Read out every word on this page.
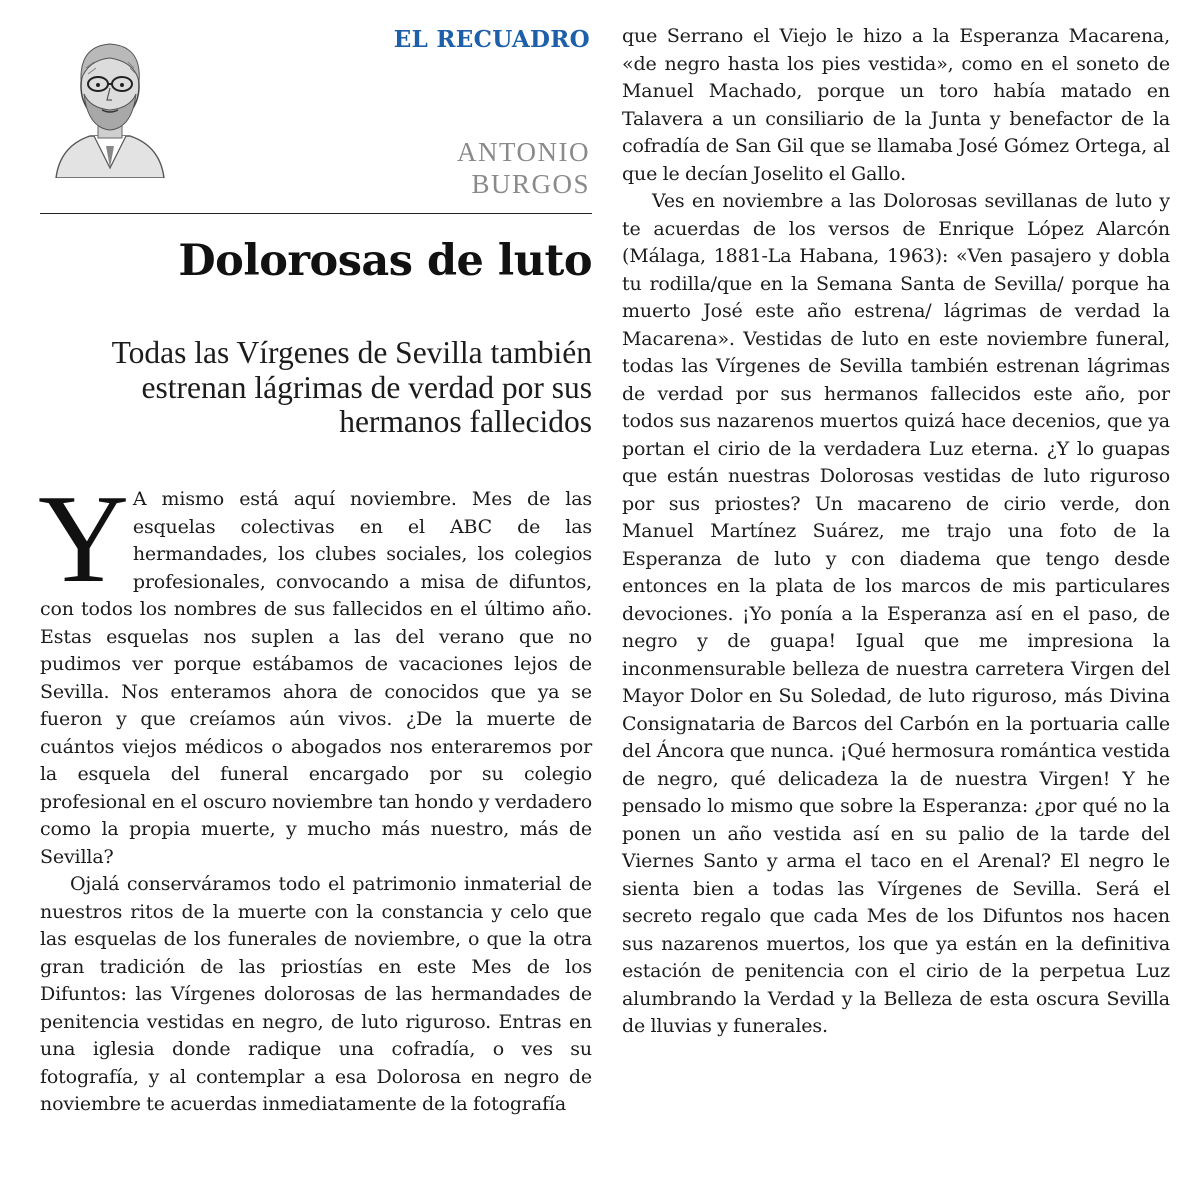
EL RECUADRO
ANTONIO
BURGOS
Dolorosas de luto
Todas las Vírgenes de Sevilla también estrenan lágrimas de verdad por sus hermanos fallecidos

Y A mismo está aquí noviembre. Mes de las esquelas colectivas en el ABC de las hermandades, los clubes sociales, los colegios profesionales, convocando a misa de difuntos, con todos los nombres de sus fallecidos en el último año. Estas esquelas nos suplen a las del verano que no pudimos ver porque estábamos de vacaciones lejos de Sevilla. Nos enteramos ahora de conocidos que ya se fueron y que creíamos aún vivos. ¿De la muerte de cuántos viejos médicos o abogados nos enteraremos por la esquela del funeral encargado por su colegio profesional en el oscuro noviembre tan hondo y verdadero como la propia muerte, y mucho más nuestro, más de Sevilla?

Ojalá conserváramos todo el patrimonio inmaterial de nuestros ritos de la muerte con la constancia y celo que las esquelas de los funerales de noviembre, o que la otra gran tradición de las priostías en este Mes de los Difuntos: las Vírgenes dolorosas de las hermandades de penitencia vestidas en negro, de luto riguroso. Entras en una iglesia donde radique una cofradía, o ves su fotografía, y al contemplar a esa Dolorosa en negro de noviembre te acuerdas inmediatamente de la fotografía

que Serrano el Viejo le hizo a la Esperanza Macarena, «de negro hasta los pies vestida», como en el soneto de Manuel Machado, porque un toro había matado en Talavera a un consiliario de la Junta y benefactor de la cofradía de San Gil que se llamaba José Gómez Ortega, al que le decían Joselito el Gallo.

Ves en noviembre a las Dolorosas sevillanas de luto y te acuerdas de los versos de Enrique López Alarcón (Málaga, 1881-La Habana, 1963): «Ven pasajero y dobla tu rodilla/que en la Semana Santa de Sevilla/ porque ha muerto José este año estrena/ lágrimas de verdad la Macarena». Vestidas de luto en este noviembre funeral, todas las Vírgenes de Sevilla también estrenan lágrimas de verdad por sus hermanos fallecidos este año, por todos sus nazarenos muertos quizá hace decenios, que ya portan el cirio de la verdadera Luz eterna. ¿Y lo guapas que están nuestras Dolorosas vestidas de luto riguroso por sus priostes? Un macareno de cirio verde, don Manuel Martínez Suárez, me trajo una foto de la Esperanza de luto y con diadema que tengo desde entonces en la plata de los marcos de mis particulares devociones. ¡Yo ponía a la Esperanza así en el paso, de negro y de guapa! Igual que me impresiona la inconmensurable belleza de nuestra carretera Virgen del Mayor Dolor en Su Soledad, de luto riguroso, más Divina Consignataria de Barcos del Carbón en la portuaria calle del Áncora que nunca. ¡Qué hermosura romántica vestida de negro, qué delicadeza la de nuestra Virgen! Y he pensado lo mismo que sobre la Esperanza: ¿por qué no la ponen un año vestida así en su palio de la tarde del Viernes Santo y arma el taco en el Arenal? El negro le sienta bien a todas las Vírgenes de Sevilla. Será el secreto regalo que cada Mes de los Difuntos nos hacen sus nazarenos muertos, los que ya están en la definitiva estación de penitencia con el cirio de la perpetua Luz alumbrando la Verdad y la Belleza de esta oscura Sevilla de lluvias y funerales.
